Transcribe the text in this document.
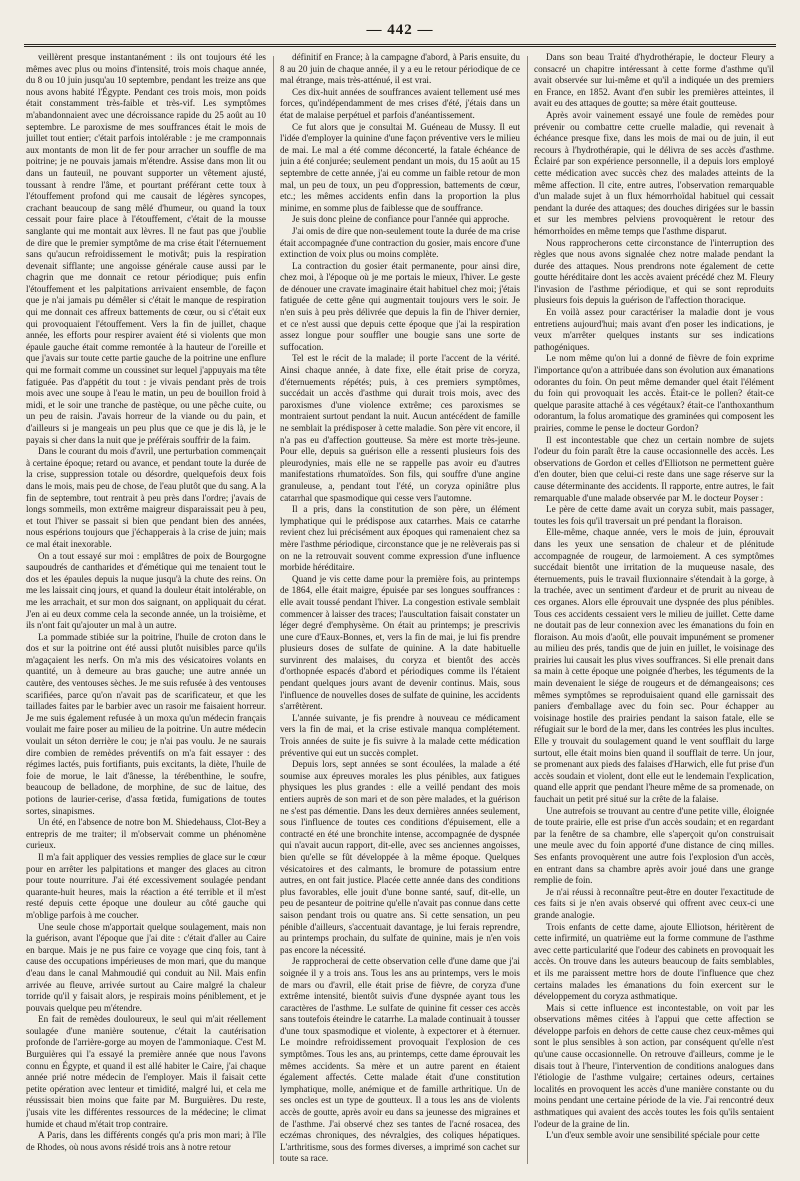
— 442 —

veillèrent presque instantanément : ils ont toujours été les mêmes avec plus ou moins d'intensité, trois mois chaque année, du 8 ou 10 juin jusqu'au 10 septembre, pendant les treize ans que nous avons habité l'Égypte. Pendant ces trois mois, mon poids était constamment très-faible et très-vif. Les symptômes m'abandonnaient avec une décroissance rapide du 25 août au 10 septembre. Le paroxisme de mes souffrances était le mois de juillet tout entier; c'était parfois intolérable : je me cramponnais aux montants de mon lit de fer pour arracher un souffle de ma poitrine; je ne pouvais jamais m'étendre. Assise dans mon lit ou dans un fauteuil, ne pouvant supporter un vêtement ajusté, toussant à rendre l'âme, et pourtant préférant cette toux à l'étouffement profond qui me causait de légères syncopes, crachant beaucoup de sang mêlé d'humeur, ou quand la toux cessait pour faire place à l'étouffement, c'était de la mousse sanglante qui me montait aux lèvres. Il ne faut pas que j'oublie de dire que le premier symptôme de ma crise était l'éternuement sans qu'aucun refroidissement le motivât; puis la respiration devenait sifflante; une angoisse générale cause aussi par le chagrin que me donnait ce retour périodique; puis enfin l'étouffement et les palpitations arrivaient ensemble, de façon que je n'ai jamais pu démêler si c'était le manque de respiration qui me donnait ces affreux battements de cœur, ou si c'était eux qui provoquaient l'étouffement. Vers la fin de juillet, chaque année, les efforts pour respirer avaient été si violents que mon épaule gauche était comme remontée à la hauteur de l'oreille et que j'avais sur toute cette partie gauche de la poitrine une enflure qui me formait comme un coussinet sur lequel j'appuyais ma tête fatiguée. Pas d'appétit du tout : je vivais pendant près de trois mois avec une soupe à l'eau le matin, un peu de bouillon froid à midi, et le soir une tranche de pastèque, ou une pêche cuite, ou un peu de raisin. J'avais horreur de la viande ou du pain, et d'ailleurs si je mangeais un peu plus que ce que je dis là, je le payais si cher dans la nuit que je préférais souffrir de la faim.

Dans le courant du mois d'avril, une perturbation commençait à certaine époque; retard ou avance, et pendant toute la durée de la crise, suppression totale ou désordre, quelquefois deux fois dans le mois, mais peu de chose, de l'eau plutôt que du sang. A la fin de septembre, tout rentrait à peu près dans l'ordre; j'avais de longs sommeils, mon extrême maigreur disparaissait peu à peu, et tout l'hiver se passait si bien que pendant bien des années, nous espérions toujours que j'échapperais à la crise de juin; mais ce mal était inexorable.

On a tout essayé sur moi : emplâtres de poix de Bourgogne saupoudrés de cantharides et d'émétique qui me tenaient tout le dos et les épaules depuis la nuque jusqu'à la chute des reins. On me les laissait cinq jours, et quand la douleur était intolérable, on me les arrachait, et sur mon dos saignant, on appliquait du cérat. J'en ai eu deux comme cela la seconde année, un la troisième, et ils n'ont fait qu'ajouter un mal à un autre.

La pommade stibiée sur la poitrine, l'huile de croton dans le dos et sur la poitrine ont été aussi plutôt nuisibles parce qu'ils m'agaçaient les nerfs. On m'a mis des vésicatoires volants en quantité, un à demeure au bras gauche; une autre année un cautère, des ventouses sèches. Je me suis refusée à des ventouses scarifiées, parce qu'on n'avait pas de scarificateur, et que les taillades faites par le barbier avec un rasoir me faisaient horreur. Je me suis également refusée à un moxa qu'un médecin français voulait me faire poser au milieu de la poitrine. Un autre médecin voulait un séton derrière le cou; je n'ai pas voulu. Je ne saurais dire combien de remèdes préventifs on m'a fait essayer : des régimes lactés, puis fortifiants, puis excitants, la diète, l'huile de foie de morue, le lait d'ânesse, la térébenthine, le soufre, beaucoup de belladone, de morphine, de suc de laitue, des potions de laurier-cerise, d'assa fœtida, fumigations de toutes sortes, sinapismes.

Un été, en l'absence de notre bon M. Shiedehauss, Clot-Bey a entrepris de me traiter; il m'observait comme un phénomène curieux.

Il m'a fait appliquer des vessies remplies de glace sur le cœur pour en arrêter les palpitations et manger des glaces au citron pour toute nourriture. J'ai été excessivement soulagée pendant quarante-huit heures, mais la réaction a été terrible et il m'est resté depuis cette époque une douleur au côté gauche qui m'oblige parfois à me coucher.

Une seule chose m'apportait quelque soulagement, mais non la guérison, avant l'époque que j'ai dite : c'était d'aller au Caire en barque. Mais je ne pus faire ce voyage que cinq fois, tant à cause des occupations impérieuses de mon mari, que du manque d'eau dans le canal Mahmoudié qui conduit au Nil. Mais enfin arrivée au fleuve, arrivée surtout au Caire malgré la chaleur torride qu'il y faisait alors, je respirais moins péniblement, et je pouvais quelque peu m'étendre.

En fait de remèdes douloureux, le seul qui m'ait réellement soulagée d'une manière soutenue, c'était la cautérisation profonde de l'arrière-gorge au moyen de l'ammoniaque. C'est M. Burguières qui l'a essayé la première année que nous l'avons connu en Égypte, et quand il est allé habiter le Caire, j'ai chaque année prié notre médecin de l'employer. Mais il faisait cette petite opération avec lenteur et timidité, malgré lui, et cela me réussissait bien moins que faite par M. Burguières. Du reste, j'usais vite les différentes ressources de la médecine; le climat humide et chaud m'était trop contraire.

A Paris, dans les différents congés qu'a pris mon mari; à l'île de Rhodes, où nous avons résidé trois ans à notre retour

définitif en France; à la campagne d'abord, à Paris ensuite, du 8 au 20 juin de chaque année, il y a eu le retour périodique de ce mal étrange, mais très-atténué, il est vrai.

Ces dix-huit années de souffrances avaient tellement usé mes forces, qu'indépendamment de mes crises d'été, j'étais dans un état de malaise perpétuel et parfois d'anéantissement.

Ce fut alors que je consultai M. Guéneau de Mussy. Il eut l'idée d'employer la quinine d'une façon préventive vers le milieu de mai. Le mal a été comme déconcerté, la fatale échéance de juin a été conjurée; seulement pendant un mois, du 15 août au 15 septembre de cette année, j'ai eu comme un faible retour de mon mal, un peu de toux, un peu d'oppression, battements de cœur, etc.; les mêmes accidents enfin dans la proportion la plus minime, en somme plus de faiblesse que de souffrance.

Je suis donc pleine de confiance pour l'année qui approche.

J'ai omis de dire que non-seulement toute la durée de ma crise était accompagnée d'une contraction du gosier, mais encore d'une extinction de voix plus ou moins complète.

La contraction du gosier était permanente, pour ainsi dire, chez moi, à l'époque où je me portais le mieux, l'hiver. Le geste de dénouer une cravate imaginaire était habituel chez moi; j'étais fatiguée de cette gêne qui augmentait toujours vers le soir. Je n'en suis à peu près délivrée que depuis la fin de l'hiver dernier, et ce n'est aussi que depuis cette époque que j'ai la respiration assez longue pour souffler une bougie sans une sorte de suffocation.

Tel est le récit de la malade; il porte l'accent de la vérité. Ainsi chaque année, à date fixe, elle était prise de coryza, d'éternuements répétés; puis, à ces premiers symptômes, succédait un accès d'asthme qui durait trois mois, avec des paroxismes d'une violence extrême; ces paroxismes se montraient surtout pendant la nuit. Aucun antécédent de famille ne semblait la prédisposer à cette maladie. Son père vit encore, il n'a pas eu d'affection goutteuse. Sa mère est morte très-jeune. Pour elle, depuis sa guérison elle a ressenti plusieurs fois des pleurodynies, mais elle ne se rappelle pas avoir eu d'autres manifestations rhumatoïdes. Son fils, qui souffre d'une angine granuleuse, a, pendant tout l'été, un coryza opiniâtre plus catarrhal que spasmodique qui cesse vers l'automne.

Il a pris, dans la constitution de son père, un élément lymphatique qui le prédispose aux catarrhes. Mais ce catarrhe revient chez lui précisément aux époques qui ramenaient chez sa mère l'asthme périodique, circonstance que je ne relèverais pas si on ne la retrouvait souvent comme expression d'une influence morbide héréditaire.

Quand je vis cette dame pour la première fois, au printemps de 1864, elle était maigre, épuisée par ses longues souffrances : elle avait toussé pendant l'hiver. La congestion estivale semblait commencer à laisser des traces; l'auscultation faisait constater un léger degré d'emphysème. On était au printemps; je prescrivis une cure d'Eaux-Bonnes, et, vers la fin de mai, je lui fis prendre plusieurs doses de sulfate de quinine. A la date habituelle survinrent des malaises, du coryza et bientôt des accès d'orthopnée espacés d'abord et périodiques comme ils l'étaient pendant quelques jours avant de devenir continus. Mais, sous l'influence de nouvelles doses de sulfate de quinine, les accidents s'arrêtèrent.

L'année suivante, je fis prendre à nouveau ce médicament vers la fin de mai, et la crise estivale manqua complétement. Trois années de suite je fis suivre à la malade cette médication préventive qui eut un succès complet.

Depuis lors, sept années se sont écoulées, la malade a été soumise aux épreuves morales les plus pénibles, aux fatigues physiques les plus grandes : elle a veillé pendant des mois entiers auprès de son mari et de son père malades, et la guérison ne s'est pas démentie. Dans les deux dernières années seulement, sous l'influence de toutes ces conditions d'épuisement, elle a contracté en été une bronchite intense, accompagnée de dyspnée qui n'avait aucun rapport, dit-elle, avec ses anciennes angoisses, bien qu'elle se fût développée à la même époque. Quelques vésicatoires et des calmants, le bromure de potassium entre autres, en ont fait justice. Placée cette année dans des conditions plus favorables, elle jouit d'une bonne santé, sauf, dit-elle, un peu de pesanteur de poitrine qu'elle n'avait pas connue dans cette saison pendant trois ou quatre ans. Si cette sensation, un peu pénible d'ailleurs, s'accentuait davantage, je lui ferais reprendre, au printemps prochain, du sulfate de quinine, mais je n'en vois pas encore la nécessité.

Je rapprocherai de cette observation celle d'une dame que j'ai soignée il y a trois ans. Tous les ans au printemps, vers le mois de mars ou d'avril, elle était prise de fièvre, de coryza d'une extrême intensité, bientôt suivis d'une dyspnée ayant tous les caractères de l'asthme. Le sulfate de quinine fit cesser ces accès sans toutefois éteindre le catarrhe. La malade continuait à tousser d'une toux spasmodique et violente, à expectorer et à éternuer. Le moindre refroidissement provoquait l'explosion de ces symptômes. Tous les ans, au printemps, cette dame éprouvait les mêmes accidents. Sa mère et un autre parent en étaient également affectés. Cette malade était d'une constitution lymphatique, molle, anémique et de famille arthritique. Un de ses oncles est un type de goutteux. Il a tous les ans de violents accès de goutte, après avoir eu dans sa jeunesse des migraines et de l'asthme. J'ai observé chez ses tantes de l'acné rosacea, des eczémas chroniques, des névralgies, des coliques hépatiques. L'arthritisme, sous des formes diverses, a imprimé son cachet sur toute sa race.

Dans son beau Traité d'hydrothérapie, le docteur Fleury a consacré un chapitre intéressant à cette forme d'asthme qu'il avait observée sur lui-même et qu'il a indiquée un des premiers en France, en 1852. Avant d'en subir les premières atteintes, il avait eu des attaques de goutte; sa mère était goutteuse.

Après avoir vainement essayé une foule de remèdes pour prévenir ou combattre cette cruelle maladie, qui revenait à échéance presque fixe, dans les mois de mai ou de juin, il eut recours à l'hydrothérapie, qui le délivra de ses accès d'asthme. Éclairé par son expérience personnelle, il a depuis lors employé cette médication avec succès chez des malades atteints de la même affection. Il cite, entre autres, l'observation remarquable d'un malade sujet à un flux hémorrhoïdal habituel qui cessait pendant la durée des attaques; des douches dirigées sur le bassin et sur les membres pelviens provoquèrent le retour des hémorrhoïdes en même temps que l'asthme disparut.

Nous rapprocherons cette circonstance de l'interruption des règles que nous avons signalée chez notre malade pendant la durée des attaques. Nous prendrons note également de cette goutte héréditaire dont les accès avaient précédé chez M. Fleury l'invasion de l'asthme périodique, et qui se sont reproduits plusieurs fois depuis la guérison de l'affection thoracique.

En voilà assez pour caractériser la maladie dont je vous entretiens aujourd'hui; mais avant d'en poser les indications, je veux m'arrêter quelques instants sur ses indications pathogéniques.

Le nom même qu'on lui a donné de fièvre de foin exprime l'importance qu'on a attribuée dans son évolution aux émanations odorantes du foin. On peut même demander quel était l'élément du foin qui provoquait les accès. Était-ce le pollen? était-ce quelque parasite attaché à ces végétaux? était-ce l'anthoxanthum odorantum, la folus aromatique des graminées qui composent les prairies, comme le pense le docteur Gordon?

Il est incontestable que chez un certain nombre de sujets l'odeur du foin paraît être la cause occasionnelle des accès. Les observations de Gordon et celles d'Elliotson ne permettent guère d'en douter, bien que celui-ci reste dans une sage réserve sur la cause déterminante des accidents. Il rapporte, entre autres, le fait remarquable d'une malade observée par M. le docteur Poyser :

Le père de cette dame avait un coryza subit, mais passager, toutes les fois qu'il traversait un pré pendant la floraison.

Elle-même, chaque année, vers le mois de juin, éprouvait dans les yeux une sensation de chaleur et de plénitude accompagnée de rougeur, de larmoiement. A ces symptômes succédait bientôt une irritation de la muqueuse nasale, des éternuements, puis le travail fluxionnaire s'étendait à la gorge, à la trachée, avec un sentiment d'ardeur et de prurit au niveau de ces organes. Alors elle éprouvait une dyspnée des plus pénibles. Tous ces accidents cessaient vers le milieu de juillet. Cette dame ne doutait pas de leur connexion avec les émanations du foin en floraison. Au mois d'août, elle pouvait impunément se promener au milieu des prés, tandis que de juin en juillet, le voisinage des prairies lui causait les plus vives souffrances. Si elle prenait dans sa main à cette époque une poignée d'herbes, les téguments de la main devenaient le siége de rougeurs et de démangeaisons; ces mêmes symptômes se reproduisaient quand elle garnissait des paniers d'emballage avec du foin sec. Pour échapper au voisinage hostile des prairies pendant la saison fatale, elle se réfugiait sur le bord de la mer, dans les contrées les plus incultes. Elle y trouvait du soulagement quand le vent soufflait du large surtout, elle était moins bien quand il soufflait de terre. Un jour, se promenant aux pieds des falaises d'Harwich, elle fut prise d'un accès soudain et violent, dont elle eut le lendemain l'explication, quand elle apprit que pendant l'heure même de sa promenade, on fauchait un petit pré situé sur la crête de la falaise.

Une autrefois se trouvant au centre d'une petite ville, éloignée de toute prairie, elle est prise d'un accès soudain; et en regardant par la fenêtre de sa chambre, elle s'aperçoit qu'on construisait une meule avec du foin apporté d'une distance de cinq milles. Ses enfants provoquèrent une autre fois l'explosion d'un accès, en entrant dans sa chambre après avoir joué dans une grange remplie de foin.

Je n'ai réussi à reconnaître peut-être en douter l'exactitude de ces faits si je n'en avais observé qui offrent avec ceux-ci une grande analogie.

Trois enfants de cette dame, ajoute Elliotson, héritèrent de cette infirmité, un quatrième eut la forme commune de l'asthme avec cette particularité que l'odeur des cabinets en provoquait les accès. On trouve dans les auteurs beaucoup de faits semblables, et ils me paraissent mettre hors de doute l'influence que chez certains malades les émanations du foin exercent sur le développement du coryza asthmatique.

Mais si cette influence est incontestable, on voit par les observations mêmes citées à l'appui que cette affection se développe parfois en dehors de cette cause chez ceux-mêmes qui sont le plus sensibles à son action, par conséquent qu'elle n'est qu'une cause occasionnelle. On retrouve d'ailleurs, comme je le disais tout à l'heure, l'intervention de conditions analogues dans l'étiologie de l'asthme vulgaire; certaines odeurs, certaines localités en provoquent les accès d'une manière constante ou du moins pendant une certaine période de la vie. J'ai rencontré deux asthmatiques qui avaient des accès toutes les fois qu'ils sentaient l'odeur de la graine de lin.

L'un d'eux semble avoir une sensibilité spéciale pour cette
